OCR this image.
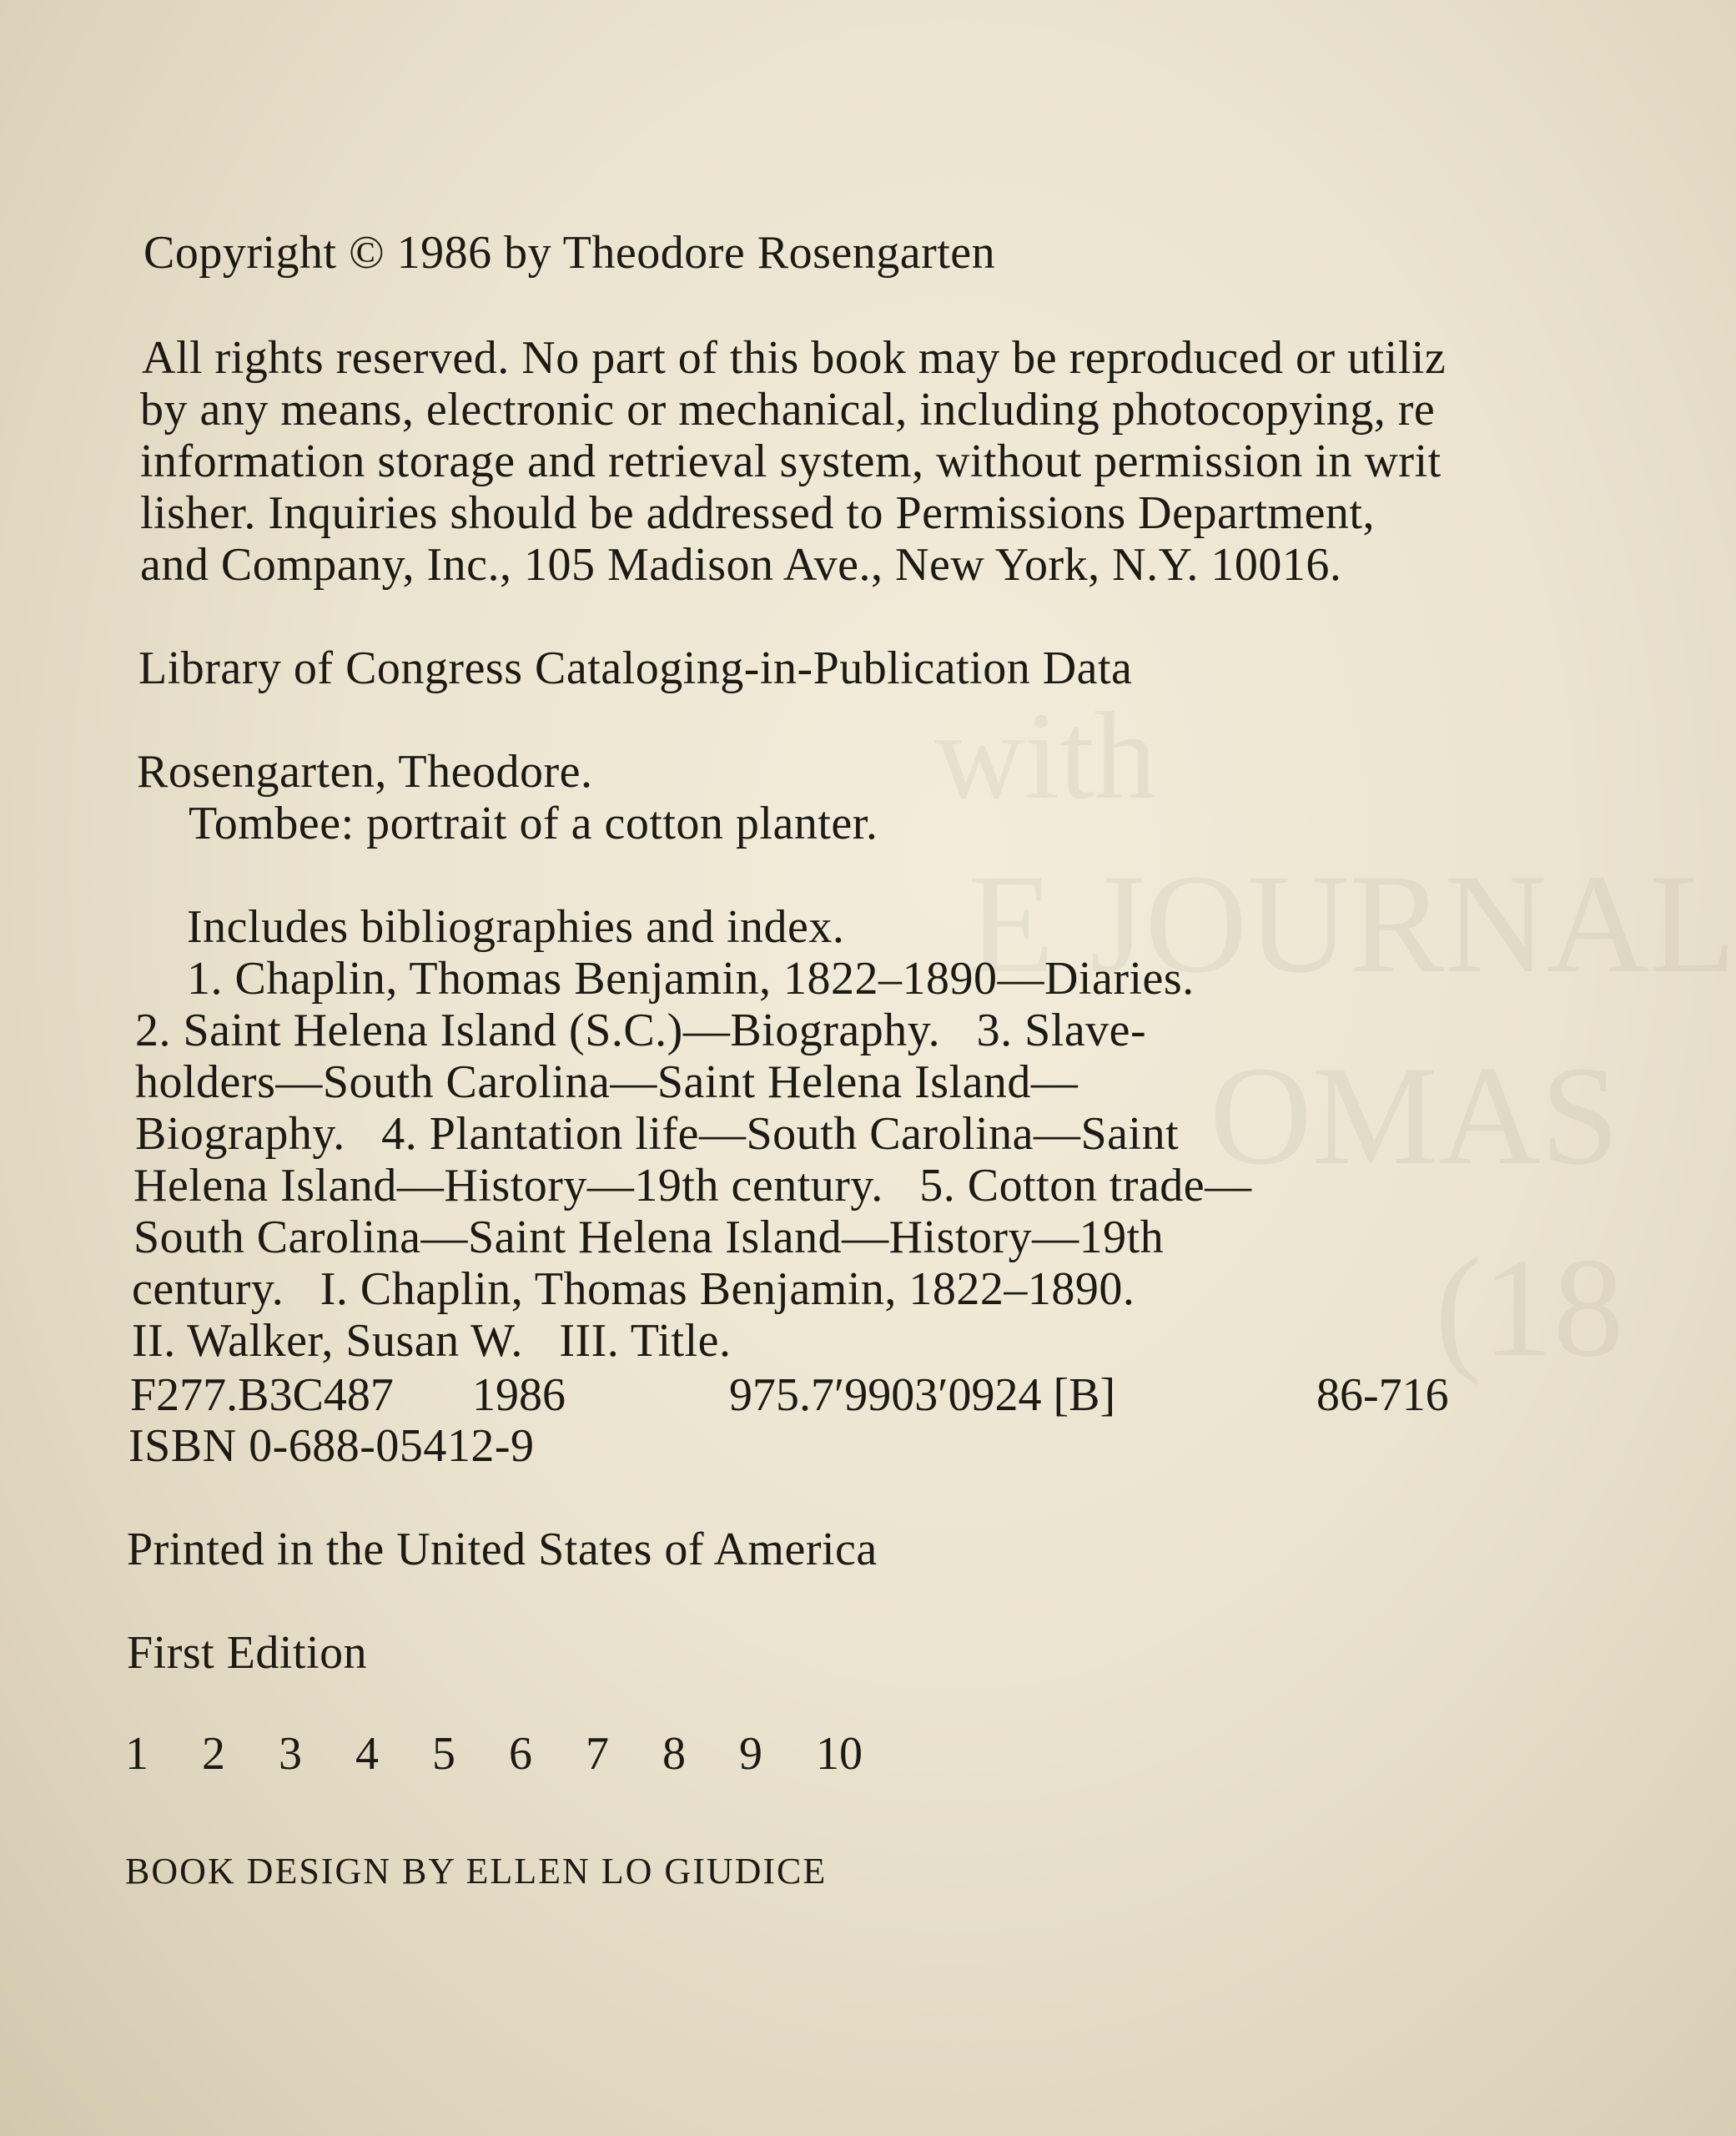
with
E JOURNAL
OMAS
(18
Copyright © 1986 by Theodore Rosengarten
All rights reserved. No part of this book may be reproduced or utiliz
by any means, electronic or mechanical, including photocopying, re
information storage and retrieval system, without permission in writ
lisher. Inquiries should be addressed to Permissions Department,
and Company, Inc., 105 Madison Ave., New York, N.Y. 10016.
Library of Congress Cataloging-in-Publication Data
Rosengarten, Theodore.
Tombee: portrait of a cotton planter.
Includes bibliographies and index.
1. Chaplin, Thomas Benjamin, 1822–1890—Diaries.
2. Saint Helena Island (S.C.)—Biography.   3. Slave-
holders—South Carolina—Saint Helena Island—
Biography.   4. Plantation life—South Carolina—Saint
Helena Island—History—19th century.   5. Cotton trade—
South Carolina—Saint Helena Island—History—19th
century.   I. Chaplin, Thomas Benjamin, 1822–1890.
II. Walker, Susan W.   III. Title.
F277.B3C487 1986	975.7′9903′0924 [B]	86-716
ISBN 0-688-05412-9
Printed in the United States of America
First Edition
1 2 3 4 5 6 7 8 9 10
BOOK DESIGN BY ELLEN LO GIUDICE
